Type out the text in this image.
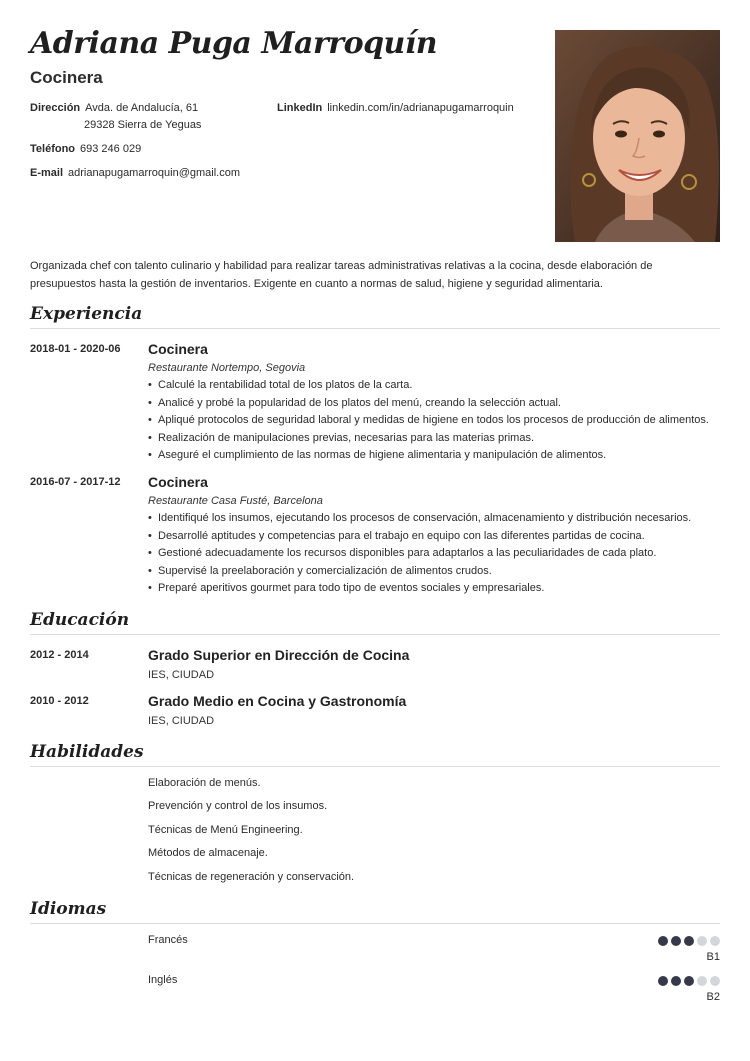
Adriana Puga Marroquín
Cocinera
Dirección Avda. de Andalucía, 61
29328 Sierra de Yeguas
LinkedIn linkedin.com/in/adrianapugamarroquin
Teléfono 693 246 029
E-mail adrianapugamarroquin@gmail.com
Organizada chef con talento culinario y habilidad para realizar tareas administrativas relativas a la cocina, desde elaboración de presupuestos hasta la gestión de inventarios. Exigente en cuanto a normas de salud, higiene y seguridad alimentaria.
Experiencia
2018-01 - 2020-06 Cocinera
Restaurante Nortempo, Segovia
• Calculé la rentabilidad total de los platos de la carta.
• Analicé y probé la popularidad de los platos del menú, creando la selección actual.
• Apliqué protocolos de seguridad laboral y medidas de higiene en todos los procesos de producción de alimentos.
• Realización de manipulaciones previas, necesarias para las materias primas.
• Aseguré el cumplimiento de las normas de higiene alimentaria y manipulación de alimentos.
2016-07 - 2017-12 Cocinera
Restaurante Casa Fusté, Barcelona
• Identifiqué los insumos, ejecutando los procesos de conservación, almacenamiento y distribución necesarios.
• Desarrollé aptitudes y competencias para el trabajo en equipo con las diferentes partidas de cocina.
• Gestioné adecuadamente los recursos disponibles para adaptarlos a las peculiaridades de cada plato.
• Supervisé la preelaboración y comercialización de alimentos crudos.
• Preparé aperitivos gourmet para todo tipo de eventos sociales y empresariales.
Educación
2012 - 2014	Grado Superior en Dirección de Cocina
IES, CIUDAD
2010 - 2012	Grado Medio en Cocina y Gastronomía
IES, CIUDAD
Habilidades
Elaboración de menús.
Prevención y control de los insumos.
Técnicas de Menú Engineering.
Métodos de almacenaje.
Técnicas de regeneración y conservación.
Idiomas
Francés
B1
Inglés
B2
